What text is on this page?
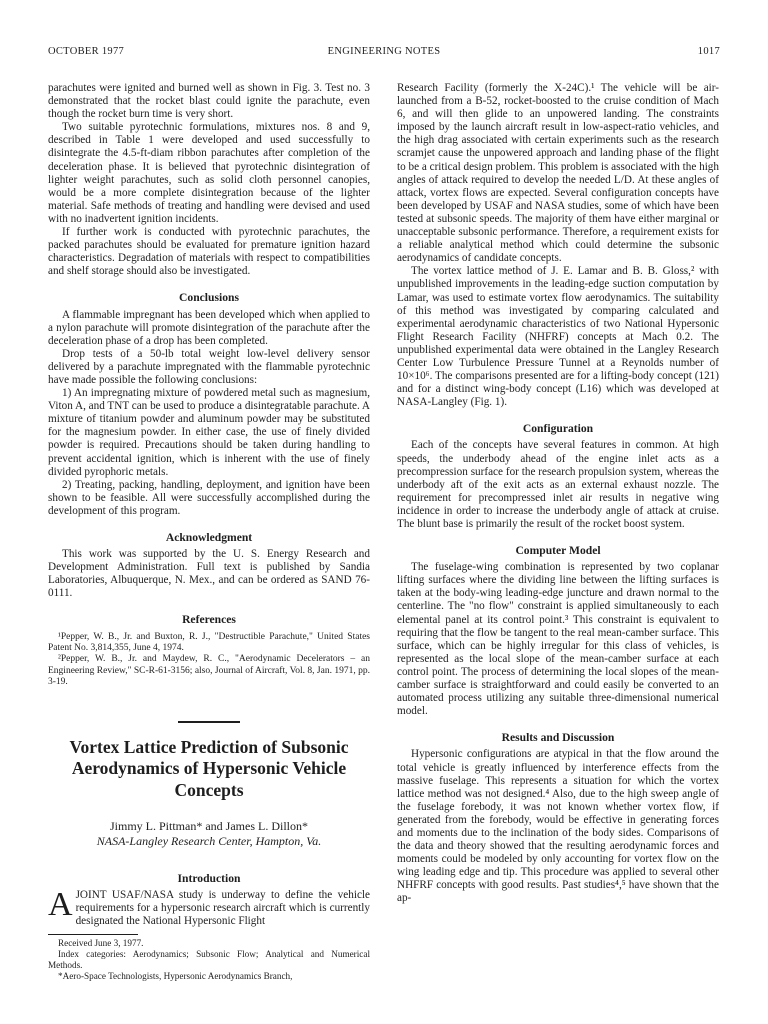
OCTOBER 1977	ENGINEERING NOTES	1017

parachutes were ignited and burned well as shown in Fig. 3. Test no. 3 demonstrated that the rocket blast could ignite the parachute, even though the rocket burn time is very short.

Two suitable pyrotechnic formulations, mixtures nos. 8 and 9, described in Table 1 were developed and used successfully to disintegrate the 4.5-ft-diam ribbon parachutes after completion of the deceleration phase. It is believed that pyrotechnic disintegration of lighter weight parachutes, such as solid cloth personnel canopies, would be a more complete disintegration because of the lighter material. Safe methods of treating and handling were devised and used with no inadvertent ignition incidents.

If further work is conducted with pyrotechnic parachutes, the packed parachutes should be evaluated for premature ignition hazard characteristics. Degradation of materials with respect to compatibilities and shelf storage should also be investigated.

Conclusions

A flammable impregnant has been developed which when applied to a nylon parachute will promote disintegration of the parachute after the deceleration phase of a drop has been completed.

Drop tests of a 50-lb total weight low-level delivery sensor delivered by a parachute impregnated with the flammable pyrotechnic have made possible the following conclusions:

1) An impregnating mixture of powdered metal such as magnesium, Viton A, and TNT can be used to produce a disintegratable parachute. A mixture of titanium powder and aluminum powder may be substituted for the magnesium powder. In either case, the use of finely divided powder is required. Precautions should be taken during handling to prevent accidental ignition, which is inherent with the use of finely divided pyrophoric metals.

2) Treating, packing, handling, deployment, and ignition have been shown to be feasible. All were successfully accomplished during the development of this program.

Acknowledgment

This work was supported by the U. S. Energy Research and Development Administration. Full text is published by Sandia Laboratories, Albuquerque, N. Mex., and can be ordered as SAND 76-0111.

References

¹Pepper, W. B., Jr. and Buxton, R. J., "Destructible Parachute," United States Patent No. 3,814,355, June 4, 1974.

²Pepper, W. B., Jr. and Maydew, R. C., "Aerodynamic Decelerators – an Engineering Review," SC-R-61-3156; also, Journal of Aircraft, Vol. 8, Jan. 1971, pp. 3-19.

Vortex Lattice Prediction of Subsonic Aerodynamics of Hypersonic Vehicle Concepts

Jimmy L. Pittman* and James L. Dillon*

NASA-Langley Research Center, Hampton, Va.

Introduction

A JOINT USAF/NASA study is underway to define the vehicle requirements for a hypersonic research aircraft which is currently designated the National Hypersonic Flight

Received June 3, 1977.

Index categories: Aerodynamics; Subsonic Flow; Analytical and Numerical Methods.

*Aero-Space Technologists, Hypersonic Aerodynamics Branch,

Research Facility (formerly the X-24C).¹ The vehicle will be air-launched from a B-52, rocket-boosted to the cruise condition of Mach 6, and will then glide to an unpowered landing. The constraints imposed by the launch aircraft result in low-aspect-ratio vehicles, and the high drag associated with certain experiments such as the research scramjet cause the unpowered approach and landing phase of the flight to be a critical design problem. This problem is associated with the high angles of attack required to develop the needed L/D. At these angles of attack, vortex flows are expected. Several configuration concepts have been developed by USAF and NASA studies, some of which have been tested at subsonic speeds. The majority of them have either marginal or unacceptable subsonic performance. Therefore, a requirement exists for a reliable analytical method which could determine the subsonic aerodynamics of candidate concepts.

The vortex lattice method of J. E. Lamar and B. B. Gloss,² with unpublished improvements in the leading-edge suction computation by Lamar, was used to estimate vortex flow aerodynamics. The suitability of this method was investigated by comparing calculated and experimental aerodynamic characteristics of two National Hypersonic Flight Research Facility (NHFRF) concepts at Mach 0.2. The unpublished experimental data were obtained in the Langley Research Center Low Turbulence Pressure Tunnel at a Reynolds number of 10×10⁶. The comparisons presented are for a lifting-body concept (121) and for a distinct wing-body concept (L16) which was developed at NASA-Langley (Fig. 1).

Configuration

Each of the concepts have several features in common. At high speeds, the underbody ahead of the engine inlet acts as a precompression surface for the research propulsion system, whereas the underbody aft of the exit acts as an external exhaust nozzle. The requirement for precompressed inlet air results in negative wing incidence in order to increase the underbody angle of attack at cruise. The blunt base is primarily the result of the rocket boost system.

Computer Model

The fuselage-wing combination is represented by two coplanar lifting surfaces where the dividing line between the lifting surfaces is taken at the body-wing leading-edge juncture and drawn normal to the centerline. The "no flow" constraint is applied simultaneously to each elemental panel at its control point.³ This constraint is equivalent to requiring that the flow be tangent to the real mean-camber surface. This surface, which can be highly irregular for this class of vehicles, is represented as the local slope of the mean-camber surface at each control point. The process of determining the local slopes of the mean-camber surface is straightforward and could easily be converted to an automated process utilizing any suitable three-dimensional numerical model.

Results and Discussion

Hypersonic configurations are atypical in that the flow around the total vehicle is greatly influenced by interference effects from the massive fuselage. This represents a situation for which the vortex lattice method was not designed.⁴ Also, due to the high sweep angle of the fuselage forebody, it was not known whether vortex flow, if generated from the forebody, would be effective in generating forces and moments due to the inclination of the body sides. Comparisons of the data and theory showed that the resulting aerodynamic forces and moments could be modeled by only accounting for vortex flow on the wing leading edge and tip. This procedure was applied to several other NHFRF concepts with good results. Past studies⁴,⁵ have shown that the ap-
